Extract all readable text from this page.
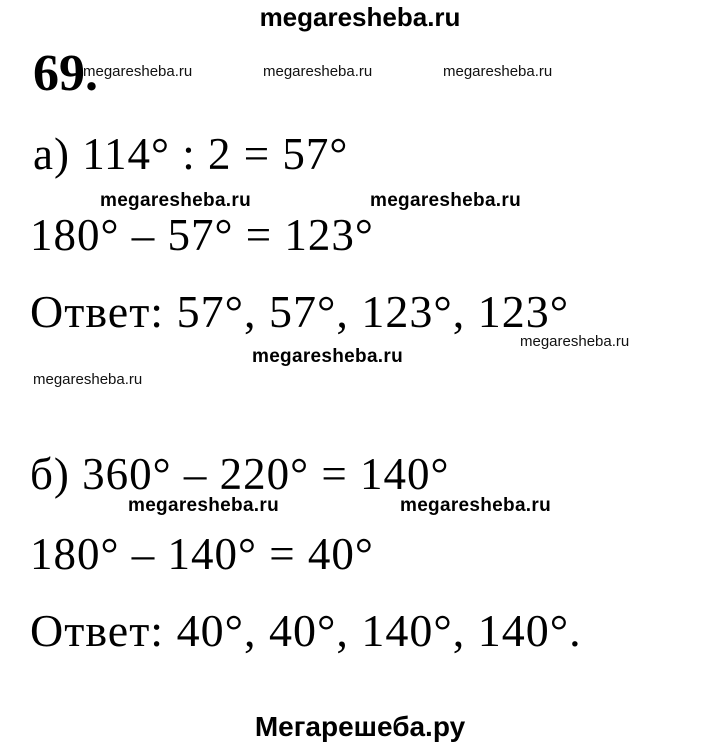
megaresheba.ru
69.
megaresheba.ru	megaresheba.ru	megaresheba.ru
а) 114° : 2 = 57°
megaresheba.ru	megaresheba.ru
180° – 57° = 123°
Ответ: 57°, 57°, 123°, 123°
megaresheba.ru
megaresheba.ru
megaresheba.ru
б) 360° – 220° = 140°
megaresheba.ru	megaresheba.ru
180° – 140° = 40°
Ответ: 40°, 40°, 140°, 140°.
Мегарешеба.ру
